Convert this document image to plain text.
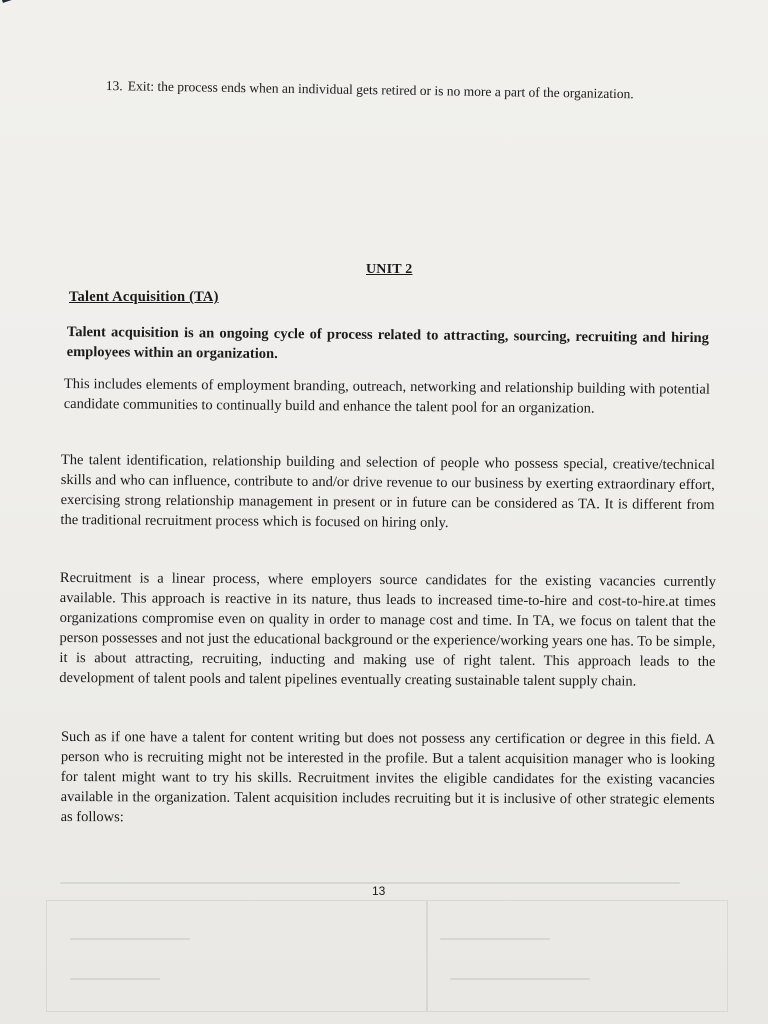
13. Exit: the process ends when an individual gets retired or is no more a part of the organization.
UNIT 2
Talent Acquisition (TA)

Talent acquisition is an ongoing cycle of process related to attracting, sourcing, recruiting and hiring employees within an organization.

This includes elements of employment branding, outreach, networking and relationship building with potential candidate communities to continually build and enhance the talent pool for an organization.

The talent identification, relationship building and selection of people who possess special, creative/technical skills and who can influence, contribute to and/or drive revenue to our business by exerting extraordinary effort, exercising strong relationship management in present or in future can be considered as TA. It is different from the traditional recruitment process which is focused on hiring only.

Recruitment is a linear process, where employers source candidates for the existing vacancies currently available. This approach is reactive in its nature, thus leads to increased time-to-hire and cost-to-hire.at times organizations compromise even on quality in order to manage cost and time. In TA, we focus on talent that the person possesses and not just the educational background or the experience/working years one has. To be simple, it is about attracting, recruiting, inducting and making use of right talent. This approach leads to the development of talent pools and talent pipelines eventually creating sustainable talent supply chain.

Such as if one have a talent for content writing but does not possess any certification or degree in this field. A person who is recruiting might not be interested in the profile. But a talent acquisition manager who is looking for talent might want to try his skills. Recruitment invites the eligible candidates for the existing vacancies available in the organization. Talent acquisition includes recruiting but it is inclusive of other strategic elements as follows:

13
